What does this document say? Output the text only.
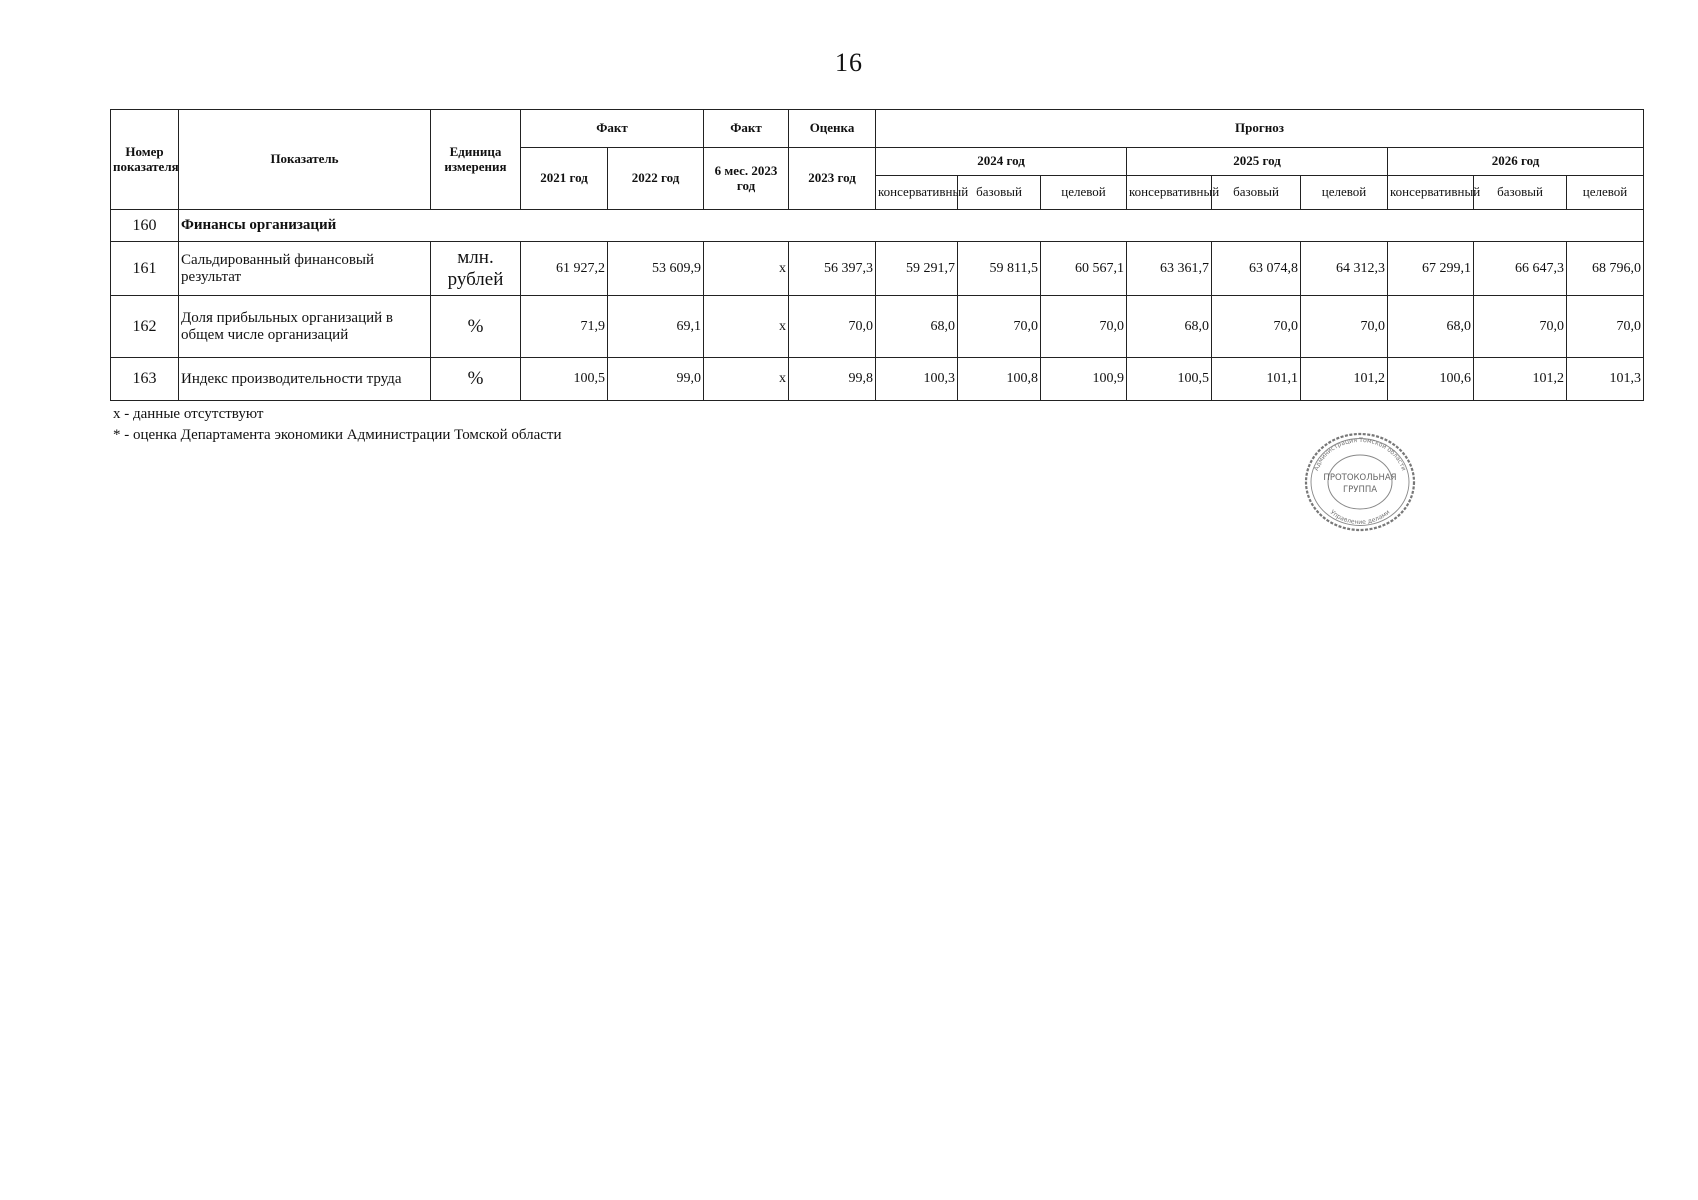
16
Номер показателя	Показатель	Единица измерения	Факт		Факт	Оценка	Прогноз								
			2021 год	2022 год	6 мес. 2023 год	2023 год	2024 год			2025 год			2026 год		
							консервативный	базовый	целевой	консервативный	базовый	целевой	консервативный	базовый	целевой
160	Финансы организаций														
161	Сальдированный финансовый результат	млн. рублей	61 927,2	53 609,9	x	56 397,3	59 291,7	59 811,5	60 567,1	63 361,7	63 074,8	64 312,3	67 299,1	66 647,3	68 796,0
162	Доля прибыльных организаций в общем числе организаций	%	71,9	69,1	x	70,0	68,0	70,0	70,0	68,0	70,0	70,0	68,0	70,0	70,0
163	Индекс производительности труда	%	100,5	99,0	x	99,8	100,3	100,8	100,9	100,5	101,1	101,2	100,6	101,2	101,3
x - данные отсутствуют
* - оценка Департамента экономики Администрации Томской области
Администрация Томской области
Управление делами
ПРОТОКОЛЬНАЯ
ГРУППА
